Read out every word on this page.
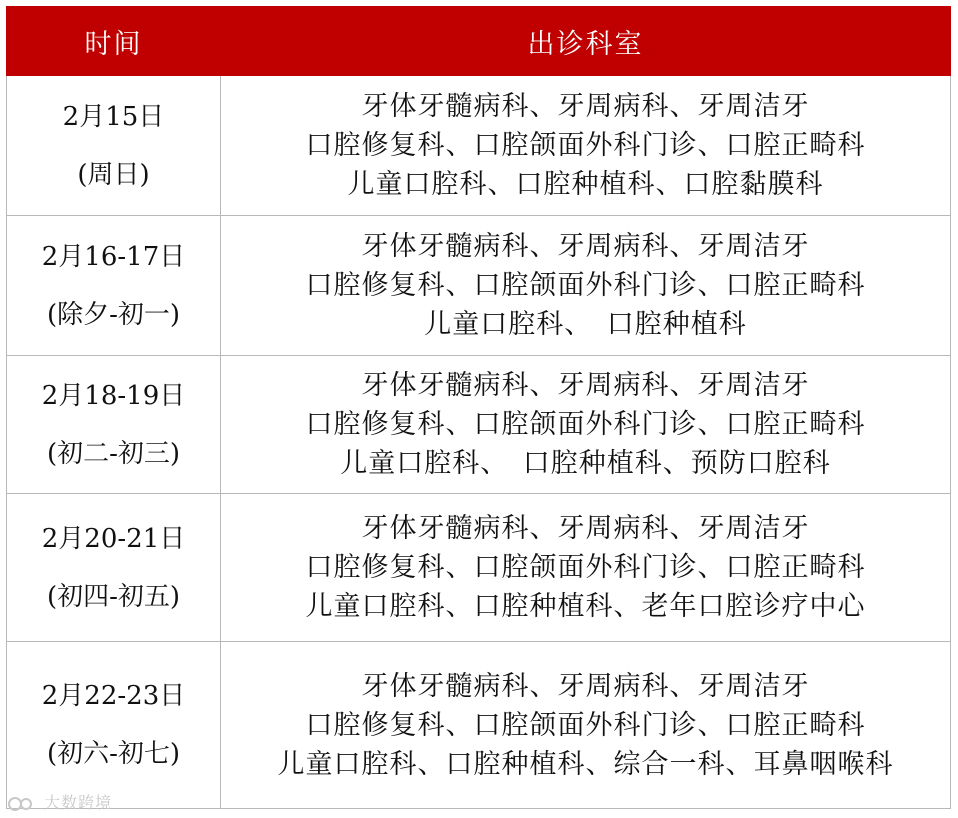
时间	出诊科室

2月15日
(周日)	牙体牙髓病科、牙周病科、牙周洁牙
口腔修复科、口腔颌面外科门诊、口腔正畸科
儿童口腔科、口腔种植科、口腔黏膜科

2月16-17日
(除夕-初一)	牙体牙髓病科、牙周病科、牙周洁牙
口腔修复科、口腔颌面外科门诊、口腔正畸科
儿童口腔科、　口腔种植科

2月18-19日
(初二-初三)	牙体牙髓病科、牙周病科、牙周洁牙
口腔修复科、口腔颌面外科门诊、口腔正畸科
儿童口腔科、　口腔种植科、预防口腔科

2月20-21日
(初四-初五)	牙体牙髓病科、牙周病科、牙周洁牙
口腔修复科、口腔颌面外科门诊、口腔正畸科
儿童口腔科、口腔种植科、老年口腔诊疗中心

2月22-23日
(初六-初七)	牙体牙髓病科、牙周病科、牙周洁牙
口腔修复科、口腔颌面外科门诊、口腔正畸科
儿童口腔科、口腔种植科、综合一科、耳鼻咽喉科
大数跨境
